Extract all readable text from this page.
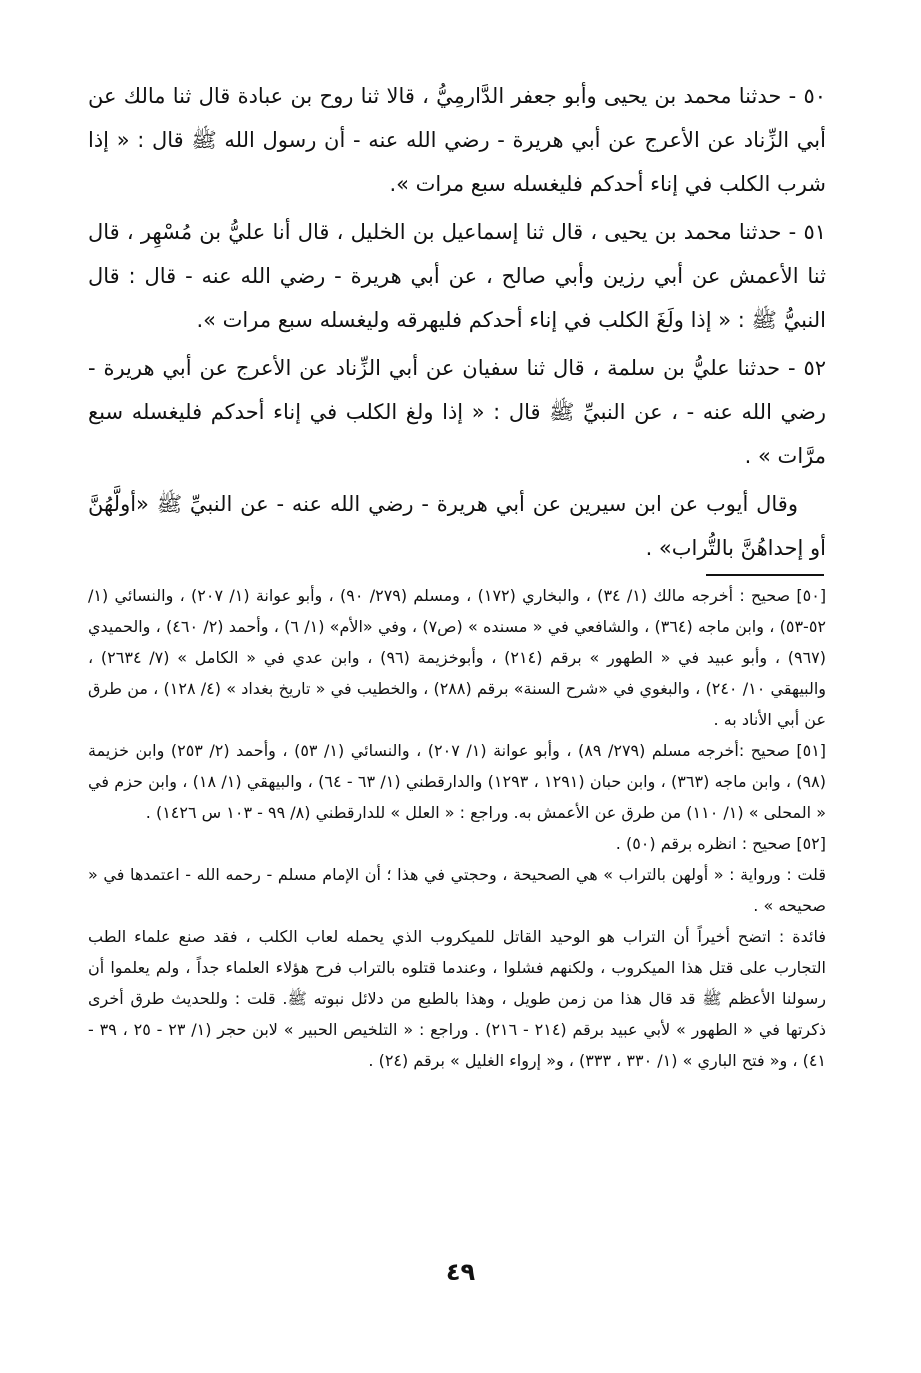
٥٠ - حدثنا محمد بن يحيى وأبو جعفر الدَّارمِيُّ ، قالا ثنا روح بن عبادة قال ثنا مالك عن أبي الزِّناد عن الأعرج عن أبي هريرة - رضي الله عنه - أن رسول الله ﷺ قال : « إذا شرب الكلب في إناء أحدكم فليغسله سبع مرات ».

٥١ - حدثنا محمد بن يحيى ، قال ثنا إسماعيل بن الخليل ، قال أنا عليُّ بن مُسْهِر ، قال ثنا الأعمش عن أبي رزين وأبي صالح ، عن أبي هريرة - رضي الله عنه - قال : قال النبيُّ ﷺ : « إذا ولَغَ الكلب في إناء أحدكم فليهرقه وليغسله سبع مرات ».

٥٢ - حدثنا عليُّ بن سلمة ، قال ثنا سفيان عن أبي الزِّناد عن الأعرج عن أبي هريرة - رضي الله عنه - ، عن النبيِّ ﷺ قال : « إذا ولغ الكلب في إناء أحدكم فليغسله سبع مرَّات » .

وقال أيوب عن ابن سيرين عن أبي هريرة - رضي الله عنه - عن النبيِّ ﷺ «أولَّهُنَّ أو إحداهُنَّ بالتُّراب» .

[٥٠] صحيح : أخرجه مالك (١/ ٣٤) ، والبخاري (١٧٢) ، ومسلم (٢٧٩/ ٩٠) ، وأبو عوانة (١/ ٢٠٧) ، والنسائي (١/ ٥٢-٥٣) ، وابن ماجه (٣٦٤) ، والشافعي في « مسنده » (ص٧) ، وفي «الأم» (١/ ٦) ، وأحمد (٢/ ٤٦٠) ، والحميدي (٩٦٧) ، وأبو عبيد في « الطهور » برقم (٢١٤) ، وأبوخزيمة (٩٦) ، وابن عدي في « الكامل » (٧/ ٢٦٣٤) ، والبيهقي ١٠/ ٢٤٠) ، والبغوي في «شرح السنة» برقم (٢٨٨) ، والخطيب في « تاريخ بغداد » (٤/ ١٢٨) ، من طرق عن أبي الأناد به .

[٥١] صحيح :أخرجه مسلم (٢٧٩/ ٨٩) ، وأبو عوانة (١/ ٢٠٧) ، والنسائي (١/ ٥٣) ، وأحمد (٢/ ٢٥٣) وابن خزيمة (٩٨) ، وابن ماجه (٣٦٣) ، وابن حبان (١٢٩١ ، ١٢٩٣) والدارقطني (١/ ٦٣ - ٦٤) ، والبيهقي (١/ ١٨) ، وابن حزم في « المحلى » (١/ ١١٠) من طرق عن الأعمش به. وراجع : « العلل » للدارقطني (٨/ ٩٩ - ١٠٣ س ١٤٢٦) .

[٥٢] صحيح : انظره برقم (٥٠) .

قلت : ورواية : « أولهن بالتراب » هي الصحيحة ، وحجتي في هذا ؛ أن الإمام مسلم - رحمه الله - اعتمدها في « صحيحه » .

فائدة : اتضح أخيراً أن التراب هو الوحيد القاتل للميكروب الذي يحمله لعاب الكلب ، فقد صنع علماء الطب التجارب على قتل هذا الميكروب ، ولكنهم فشلوا ، وعندما قتلوه بالتراب فرح هؤلاء العلماء جداً ، ولم يعلموا أن رسولنا الأعظم ﷺ قد قال هذا من زمن طويل ، وهذا بالطبع من دلائل نبوته ﷺ. قلت : وللحديث طرق أخرى ذكرتها في « الطهور » لأبي عبيد برقم (٢١٤ - ٢١٦) . وراجع : « التلخيص الحبير » لابن حجر (١/ ٢٣ - ٢٥ ، ٣٩ - ٤١) ، و« فتح الباري » (١/ ٣٣٠ ، ٣٣٣) ، و« إرواء الغليل » برقم (٢٤) .

٤٩
